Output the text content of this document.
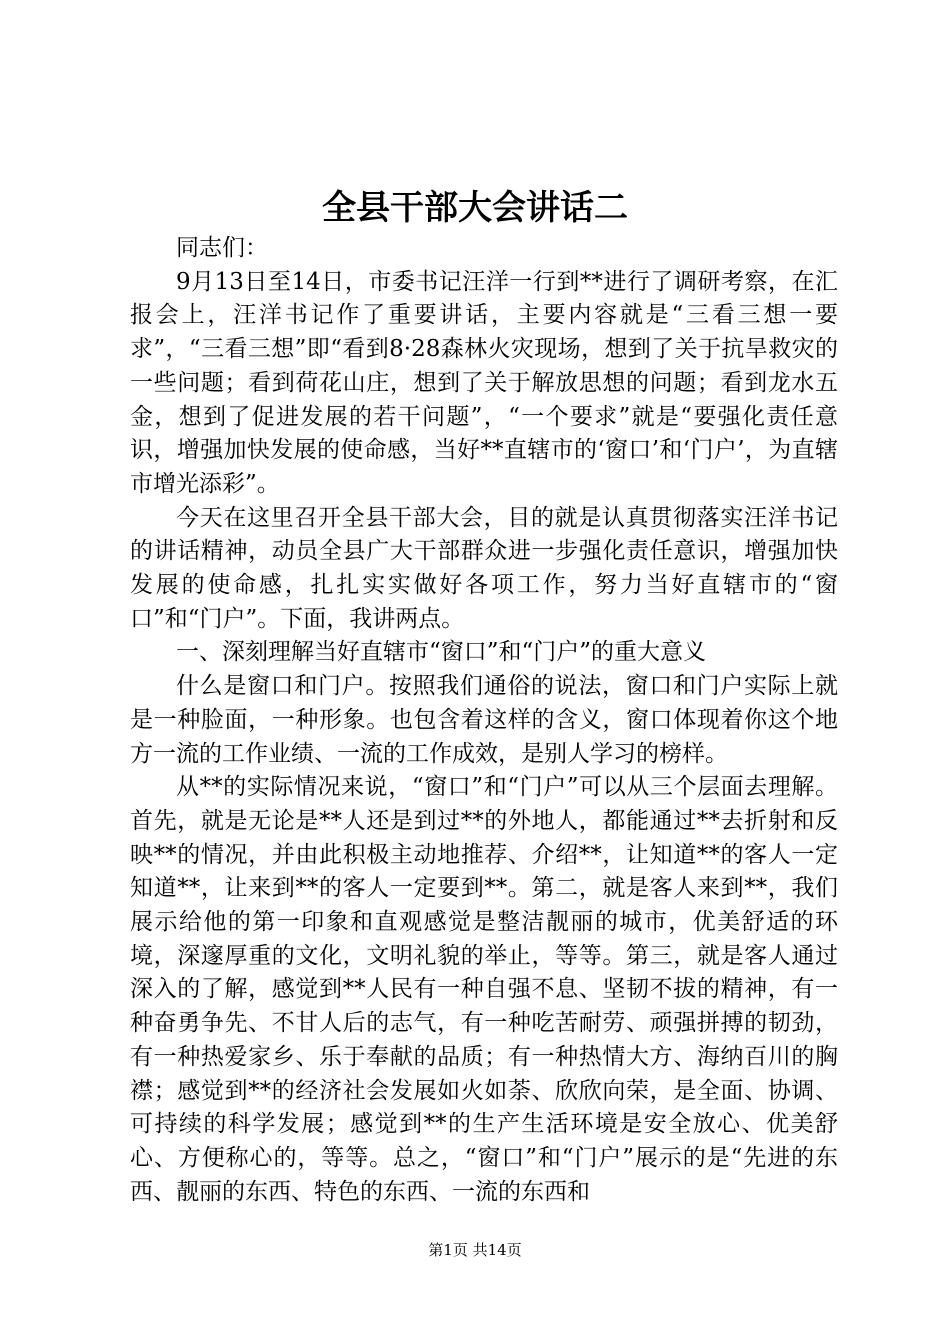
全县干部大会讲话二

同志们：

9月13日至14日，市委书记汪洋一行到**进行了调研考察，在汇报会上，汪洋书记作了重要讲话，主要内容就是“三看三想一要求”，“三看三想”即“看到8·28森林火灾现场，想到了关于抗旱救灾的一些问题；看到荷花山庄，想到了关于解放思想的问题；看到龙水五金，想到了促进发展的若干问题”，“一个要求”就是“要强化责任意识，增强加快发展的使命感，当好**直辖市的‘窗口’和‘门户’，为直辖市增光添彩”。

今天在这里召开全县干部大会，目的就是认真贯彻落实汪洋书记的讲话精神，动员全县广大干部群众进一步强化责任意识，增强加快发展的使命感，扎扎实实做好各项工作，努力当好直辖市的“窗口”和“门户”。下面，我讲两点。

一、深刻理解当好直辖市“窗口”和“门户”的重大意义

什么是窗口和门户。按照我们通俗的说法，窗口和门户实际上就是一种脸面，一种形象。也包含着这样的含义，窗口体现着你这个地方一流的工作业绩、一流的工作成效，是别人学习的榜样。

从**的实际情况来说，“窗口”和“门户”可以从三个层面去理解。首先，就是无论是**人还是到过**的外地人，都能通过**去折射和反映**的情况，并由此积极主动地推荐、介绍**，让知道**的客人一定知道**，让来到**的客人一定要到**。第二，就是客人来到**，我们展示给他的第一印象和直观感觉是整洁靓丽的城市，优美舒适的环境，深邃厚重的文化，文明礼貌的举止，等等。第三，就是客人通过深入的了解，感觉到**人民有一种自强不息、坚韧不拔的精神，有一种奋勇争先、不甘人后的志气，有一种吃苦耐劳、顽强拼搏的韧劲，有一种热爱家乡、乐于奉献的品质；有一种热情大方、海纳百川的胸襟；感觉到**的经济社会发展如火如荼、欣欣向荣，是全面、协调、可持续的科学发展；感觉到**的生产生活环境是安全放心、优美舒心、方便称心的，等等。总之，“窗口”和“门户”展示的是“先进的东西、靓丽的东西、特色的东西、一流的东西和

第1页 共14页
